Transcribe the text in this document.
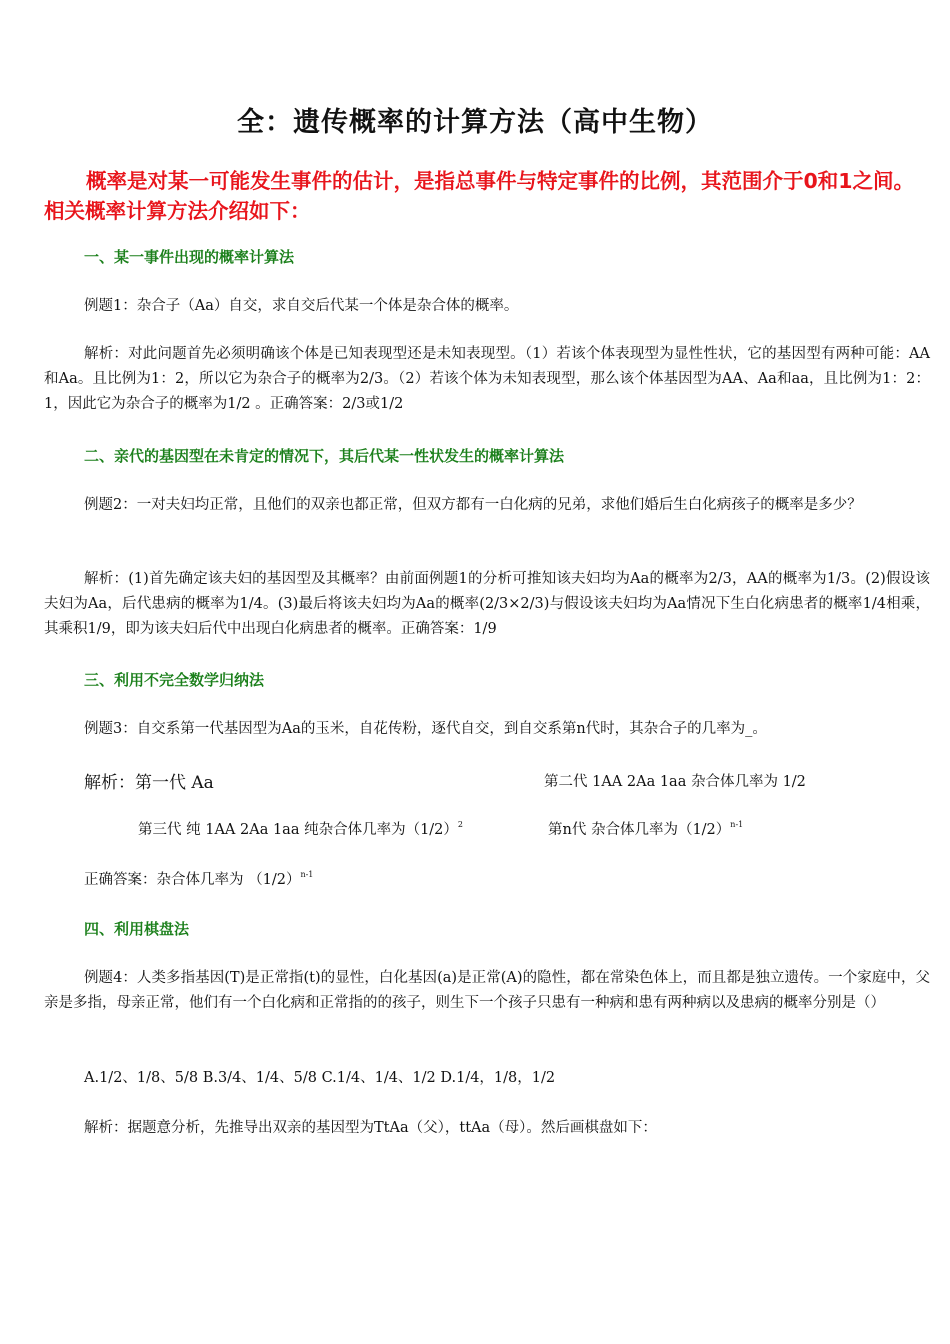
全：遗传概率的计算方法（高中生物）
概率是对某一可能发生事件的估计，是指总事件与特定事件的比例，其范围介于0和1之间。相关概率计算方法介绍如下：
一、某一事件出现的概率计算法
例题1：杂合子（Aa）自交，求自交后代某一个体是杂合体的概率。
解析：对此问题首先必须明确该个体是已知表现型还是未知表现型。（1）若该个体表现型为显性性状，它的基因型有两种可能：AA和Aa。且比例为1：2，所以它为杂合子的概率为2/3。（2）若该个体为未知表现型，那么该个体基因型为AA、Aa和aa，且比例为1：2：1，因此它为杂合子的概率为1/2 。正确答案：2/3或1/2
二、亲代的基因型在未肯定的情况下，其后代某一性状发生的概率计算法
例题2：一对夫妇均正常，且他们的双亲也都正常，但双方都有一白化病的兄弟，求他们婚后生白化病孩子的概率是多少？
解析：(1)首先确定该夫妇的基因型及其概率？由前面例题1的分析可推知该夫妇均为Aa的概率为2/3，AA的概率为1/3。(2)假设该夫妇为Aa，后代患病的概率为1/4。(3)最后将该夫妇均为Aa的概率(2/3×2/3)与假设该夫妇均为Aa情况下生白化病患者的概率1/4相乘，其乘积1/9，即为该夫妇后代中出现白化病患者的概率。正确答案：1/9
三、利用不完全数学归纳法
例题3：自交系第一代基因型为Aa的玉米，自花传粉，逐代自交，到自交系第n代时，其杂合子的几率为_。
解析：第一代 Aa	第二代 1AA 2Aa 1aa 杂合体几率为 1/2
第三代 纯 1AA 2Aa 1aa 纯杂合体几率为$(1/2)^2$	第n代 杂合体几率为$(1/2)^{n-1}$
正确答案：杂合体几率为 $(1/2)^{n-1}$
四、利用棋盘法
例题4：人类多指基因(T)是正常指(t)的显性，白化基因(a)是正常(A)的隐性，都在常染色体上，而且都是独立遗传。一个家庭中，父亲是多指，母亲正常，他们有一个白化病和正常指的的孩子，则生下一个孩子只患有一种病和患有两种病以及患病的概率分别是（）
A.1/2、1/8、5/8 B.3/4、1/4、5/8 C.1/4、1/4、1/2 D.1/4，1/8，1/2
解析：据题意分析，先推导出双亲的基因型为TtAa（父），ttAa（母）。然后画棋盘如下：
